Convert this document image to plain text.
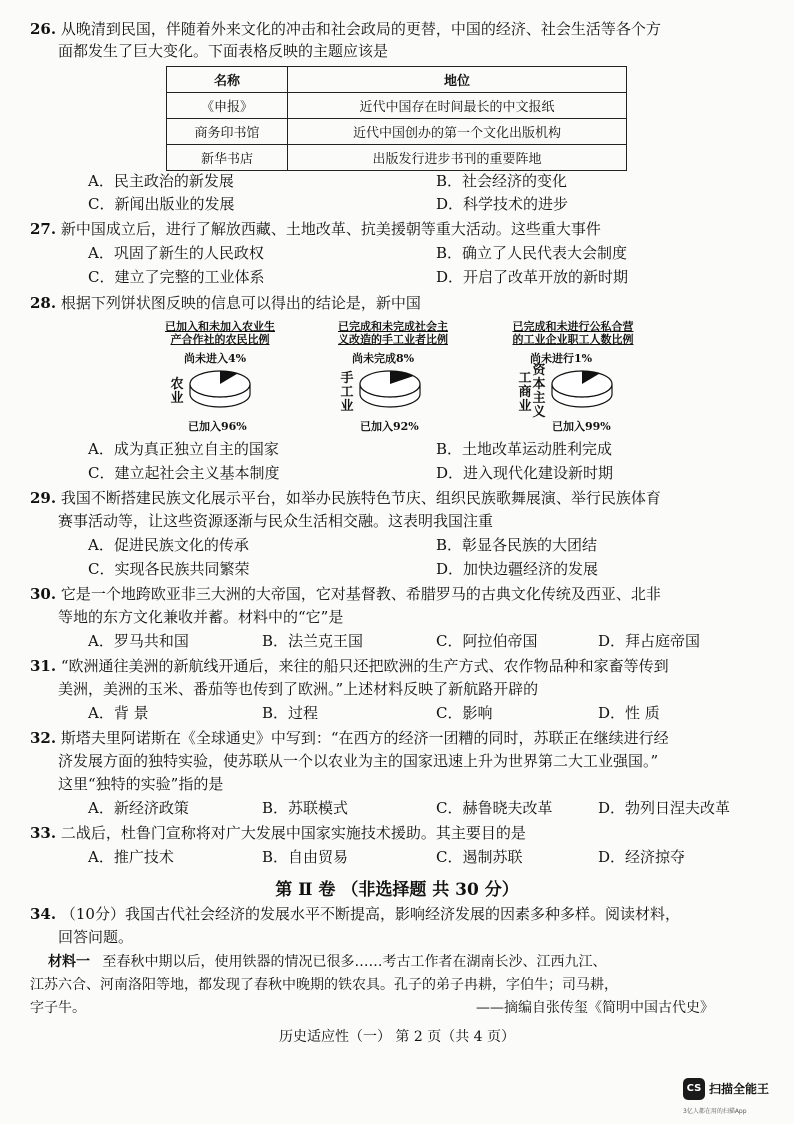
26. 从晚清到民国，伴随着外来文化的冲击和社会政局的更替，中国的经济、社会生活等各个方
面都发生了巨大变化。下面表格反映的主题应该是
名称	地位
《申报》	近代中国存在时间最长的中文报纸
商务印书馆	近代中国创办的第一个文化出版机构
新华书店	出版发行进步书刊的重要阵地
A．民主政治的新发展	B．社会经济的变化
C．新闻出版业的发展	D．科学技术的进步
27. 新中国成立后，进行了解放西藏、土地改革、抗美援朝等重大活动。这些重大事件
A．巩固了新生的人民政权	B．确立了人民代表大会制度
C．建立了完整的工业体系	D．开启了改革开放的新时期
28. 根据下列饼状图反映的信息可以得出的结论是，新中国
已加入和未加入农业生
产合作社的农民比例
尚未进入4%
农
业
已加入96%
已完成和未完成社会主
义改造的手工业者比例
尚未完成8%
手
工
业
已加入92%
已完成和未进行公私合营
的工业企业职工人数比例
尚未进行1%
工
商
业
资
本
主
义
已加入99%
A．成为真正独立自主的国家	B．土地改革运动胜利完成
C．建立起社会主义基本制度	D．进入现代化建设新时期
29. 我国不断搭建民族文化展示平台，如举办民族特色节庆、组织民族歌舞展演、举行民族体育
赛事活动等，让这些资源逐渐与民众生活相交融。这表明我国注重
A．促进民族文化的传承	B．彰显各民族的大团结
C．实现各民族共同繁荣	D．加快边疆经济的发展
30. 它是一个地跨欧亚非三大洲的大帝国，它对基督教、希腊罗马的古典文化传统及西亚、北非
等地的东方文化兼收并蓄。材料中的“它”是
A．罗马共和国	B．法兰克王国	C．阿拉伯帝国	D．拜占庭帝国
31. “欧洲通往美洲的新航线开通后，来往的船只还把欧洲的生产方式、农作物品种和家畜等传到
美洲，美洲的玉米、番茄等也传到了欧洲。”上述材料反映了新航路开辟的
A．背 景	B．过程	C．影响	D．性 质
32. 斯塔夫里阿诺斯在《全球通史》中写到：“在西方的经济一团糟的同时，苏联正在继续进行经
济发展方面的独特实验，使苏联从一个以农业为主的国家迅速上升为世界第二大工业强国。”
这里“独特的实验”指的是
A．新经济政策	B．苏联模式	C．赫鲁晓夫改革	D．勃列日涅夫改革
33. 二战后，杜鲁门宣称将对广大发展中国家实施技术援助。其主要目的是
A．推广技术	B．自由贸易	C．遏制苏联	D．经济掠夺
第 Ⅱ 卷 （非选择题 共 30 分）
34. （10分）我国古代社会经济的发展水平不断提高，影响经济发展的因素多种多样。阅读材料，
回答问题。
材料一 至春秋中期以后，使用铁器的情况已很多……考古工作者在湖南长沙、江西九江、
江苏六合、河南洛阳等地，都发现了春秋中晚期的铁农具。孔子的弟子冉耕，字伯牛；司马耕，
字子牛。	——摘编自张传玺《简明中国古代史》
历史适应性（一） 第 2 页（共 4 页）
CS 扫描全能王
3亿人都在用的扫描App
